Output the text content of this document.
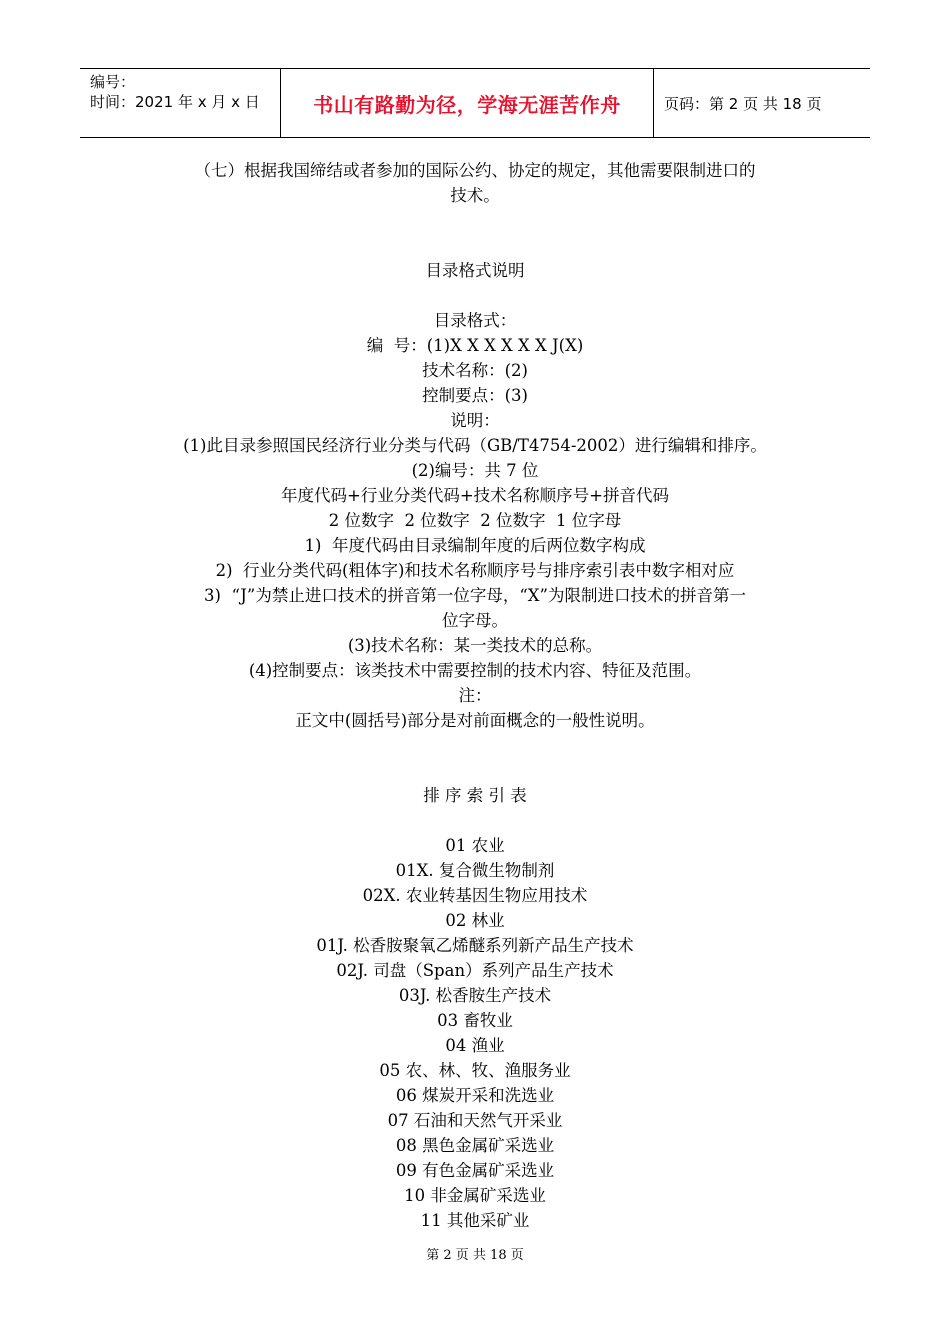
编号：
时间：2021 年 x 月 x 日	书山有路勤为径，学海无涯苦作舟	页码：第 2 页 共 18 页
（七）根据我国缔结或者参加的国际公约、协定的规定，其他需要限制进口的
技术。
目录格式说明
目录格式：
编  号：(1)X X X X X X J(X)
技术名称：(2)
控制要点：(3)
说明：
(1)此目录参照国民经济行业分类与代码（GB/T4754-2002）进行编辑和排序。
(2)编号：共 7 位
年度代码+行业分类代码+技术名称顺序号+拼音代码
2 位数字  2 位数字  2 位数字  1 位字母
1)  年度代码由目录编制年度的后两位数字构成
2)  行业分类代码(粗体字)和技术名称顺序号与排序索引表中数字相对应
3)  “J”为禁止进口技术的拼音第一位字母，“X”为限制进口技术的拼音第一
位字母。
(3)技术名称：某一类技术的总称。
(4)控制要点：该类技术中需要控制的技术内容、特征及范围。
注：
正文中(圆括号)部分是对前面概念的一般性说明。
排 序 索 引 表
01 农业
01X. 复合微生物制剂
02X. 农业转基因生物应用技术
02 林业
01J. 松香胺聚氧乙烯醚系列新产品生产技术
02J. 司盘（Span）系列产品生产技术
03J. 松香胺生产技术
03 畜牧业
04 渔业
05 农、林、牧、渔服务业
06 煤炭开采和洗选业
07 石油和天然气开采业
08 黑色金属矿采选业
09 有色金属矿采选业
10 非金属矿采选业
11 其他采矿业
第 2 页 共 18 页
